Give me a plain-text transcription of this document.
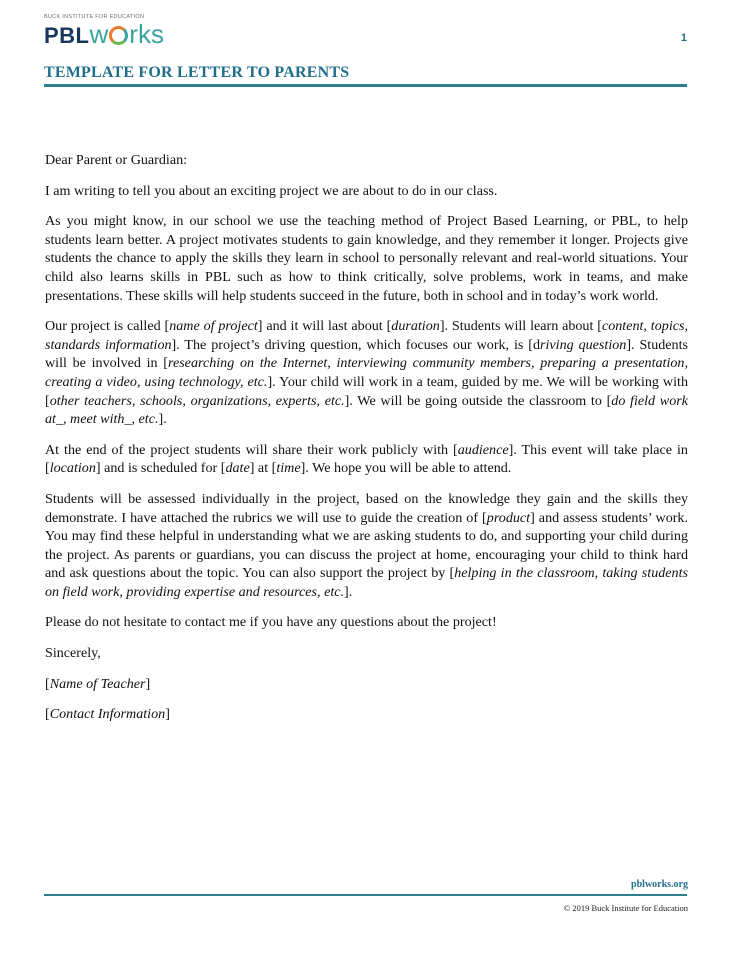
BUCK INSTITUTE FOR EDUCATION
PBL w rks	1
TEMPLATE FOR LETTER TO PARENTS

Dear Parent or Guardian:

I am writing to tell you about an exciting project we are about to do in our class.

As you might know, in our school we use the teaching method of Project Based Learning, or PBL, to help students learn better. A project motivates students to gain knowledge, and they remember it longer. Projects give students the chance to apply the skills they learn in school to personally relevant and real-world situations. Your child also learns skills in PBL such as how to think critically, solve problems, work in teams, and make presentations. These skills will help students succeed in the future, both in school and in today’s work world.

Our project is called [name of project] and it will last about [duration]. Students will learn about [content, topics, standards information]. The project’s driving question, which focuses our work, is [driving question]. Students will be involved in [researching on the Internet, interviewing community members, preparing a presentation, creating a video, using technology, etc.]. Your child will work in a team, guided by me. We will be working with [other teachers, schools, organizations, experts, etc.]. We will be going outside the classroom to [do field work at_, meet with_, etc.].

At the end of the project students will share their work publicly with [audience]. This event will take place in [location] and is scheduled for [date] at [time]. We hope you will be able to attend.

Students will be assessed individually in the project, based on the knowledge they gain and the skills they demonstrate. I have attached the rubrics we will use to guide the creation of [product] and assess students’ work. You may find these helpful in understanding what we are asking students to do, and supporting your child during the project. As parents or guardians, you can discuss the project at home, encouraging your child to think hard and ask questions about the topic. You can also support the project by [helping in the classroom, taking students on field work, providing expertise and resources, etc.].

Please do not hesitate to contact me if you have any questions about the project!

Sincerely,

[Name of Teacher]

[Contact Information]

pblworks.org
© 2019 Buck Institute for Education
